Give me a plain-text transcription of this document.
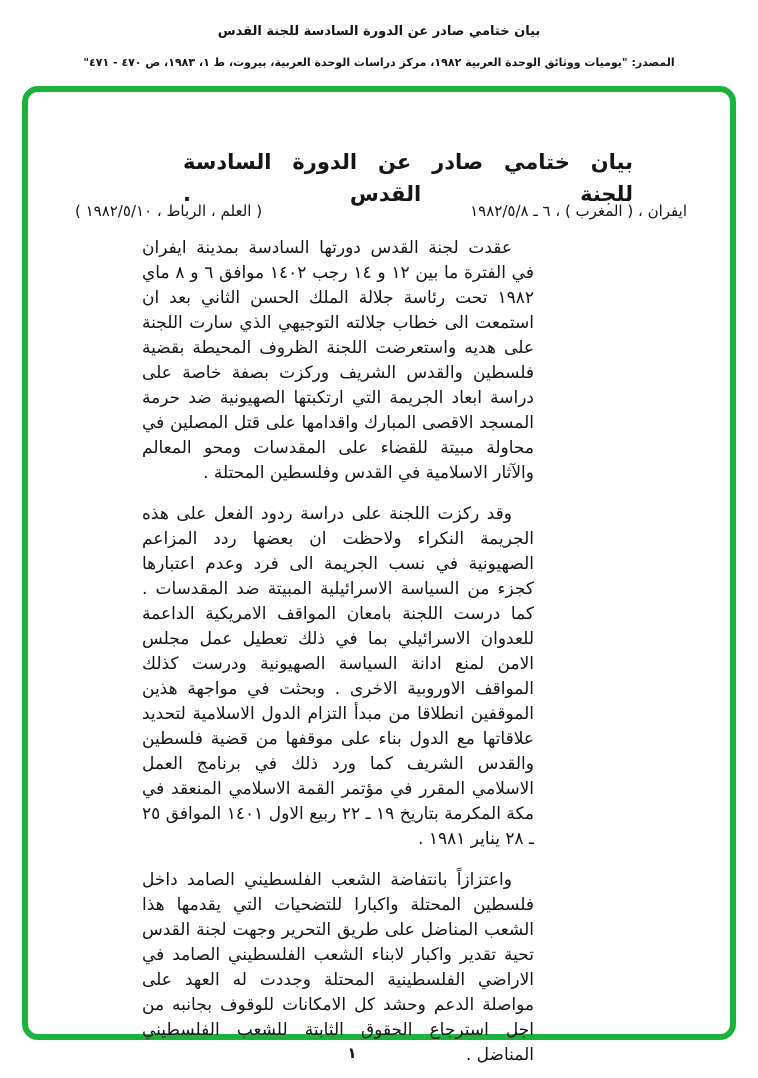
بيان ختامي صادر عن الدورة السادسة للجنة القدس
المصدر: "يوميات ووثائق الوحدة العربية ١٩٨٢، مركز دراسات الوحدة العربية، بيروت، ط ١، ١٩٨٣، ص ٤٧٠ - ٤٧١"
بيان ختامي صادر عن الدورة السادسة للجنة القدس .
ايفران ، ( المغرب ) ، ٦ ـ ١٩٨٢/٥/٨
( العلم ، الرباط ، ١٩٨٢/٥/١٠ )

عقدت لجنة القدس دورتها السادسة بمدينة ايفران في الفترة ما بين ١٢ و ١٤ رجب ١٤٠٢ موافق ٦ و ٨ ماي ١٩٨٢ تحت رئاسة جلالة الملك الحسن الثاني بعد ان استمعت الى خطاب جلالته التوجيهي الذي سارت اللجنة على هديه واستعرضت اللجنة الظروف المحيطة بقضية فلسطين والقدس الشريف وركزت بصفة خاصة على دراسة ابعاد الجريمة التي ارتكبتها الصهيونية ضد حرمة المسجد الاقصى المبارك واقدامها على قتل المصلين في محاولة مبيتة للقضاء على المقدسات ومحو المعالم والآثار الاسلامية في القدس وفلسطين المحتلة .

وقد ركزت اللجنة على دراسة ردود الفعل على هذه الجريمة النكراء ولاحظت ان بعضها ردد المزاعم الصهيونية في نسب الجريمة الى فرد وعدم اعتبارها كجزء من السياسة الاسرائيلية المبيتة ضد المقدسات . كما درست اللجنة بامعان المواقف الامريكية الداعمة للعدوان الاسرائيلي بما في ذلك تعطيل عمل مجلس الامن لمنع ادانة السياسة الصهيونية ودرست كذلك المواقف الاوروبية الاخرى . وبحثت في مواجهة هذين الموقفين انطلاقا من مبدأ التزام الدول الاسلامية لتحديد علاقاتها مع الدول بناء على موقفها من قضية فلسطين والقدس الشريف كما ورد ذلك في برنامج العمل الاسلامي المقرر في مؤتمر القمة الاسلامي المنعقد في مكة المكرمة بتاريخ ١٩ ـ ٢٢ ربيع الاول ١٤٠١ الموافق ٢٥ ـ ٢٨ يناير ١٩٨١ .

واعتزازاً بانتفاضة الشعب الفلسطيني الصامد داخل فلسطين المحتلة واكبارا للتضحيات التي يقدمها هذا الشعب المناضل على طريق التحرير وجهت لجنة القدس تحية تقدير واكبار لابناء الشعب الفلسطيني الصامد في الاراضي الفلسطينية المحتلة وجددت له العهد على مواصلة الدعم وحشد كل الامكانات للوقوف بجانبه من اجل استرجاع الحقوق الثابتة للشعب الفلسطيني المناضل .

١
